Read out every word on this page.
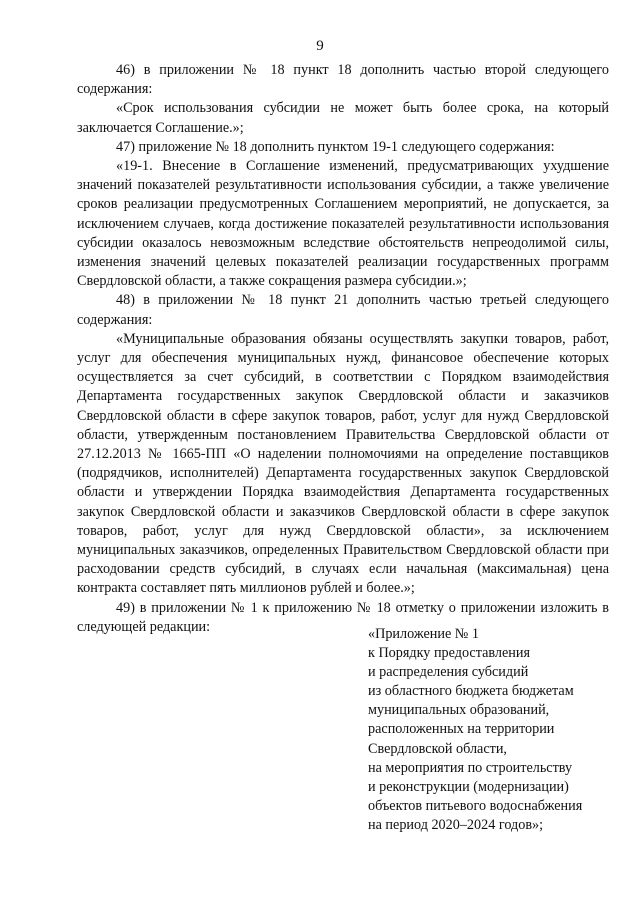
9

46) в приложении № 18 пункт 18 дополнить частью второй следующего содержания:

«Срок использования субсидии не может быть более срока, на который заключается Соглашение.»;

47) приложение № 18 дополнить пунктом 19-1 следующего содержания:

«19-1. Внесение в Соглашение изменений, предусматривающих ухудшение значений показателей результативности использования субсидии, а также увеличение сроков реализации предусмотренных Соглашением мероприятий, не допускается, за исключением случаев, когда достижение показателей результативности использования субсидии оказалось невозможным вследствие обстоятельств непреодолимой силы, изменения значений целевых показателей реализации государственных программ Свердловской области, а также сокращения размера субсидии.»;

48) в приложении № 18 пункт 21 дополнить частью третьей следующего содержания:

«Муниципальные образования обязаны осуществлять закупки товаров, работ, услуг для обеспечения муниципальных нужд, финансовое обеспечение которых осуществляется за счет субсидий, в соответствии с Порядком взаимодействия Департамента государственных закупок Свердловской области и заказчиков Свердловской области в сфере закупок товаров, работ, услуг для нужд Свердловской области, утвержденным постановлением Правительства Свердловской области от 27.12.2013 № 1665-ПП «О наделении полномочиями на определение поставщиков (подрядчиков, исполнителей) Департамента государственных закупок Свердловской области и утверждении Порядка взаимодействия Департамента государственных закупок Свердловской области и заказчиков Свердловской области в сфере закупок товаров, работ, услуг для нужд Свердловской области», за исключением муниципальных заказчиков, определенных Правительством Свердловской области при расходовании средств субсидий, в случаях если начальная (максимальная) цена контракта составляет пять миллионов рублей и более.»;

49) в приложении № 1 к приложению № 18 отметку о приложении изложить в следующей редакции:	«Приложение № 1
к Порядку предоставления
и распределения субсидий
из областного бюджета бюджетам
муниципальных образований,
расположенных на территории
Свердловской области,
на мероприятия по строительству
и реконструкции (модернизации)
объектов питьевого водоснабжения
на период 2020–2024 годов»;
